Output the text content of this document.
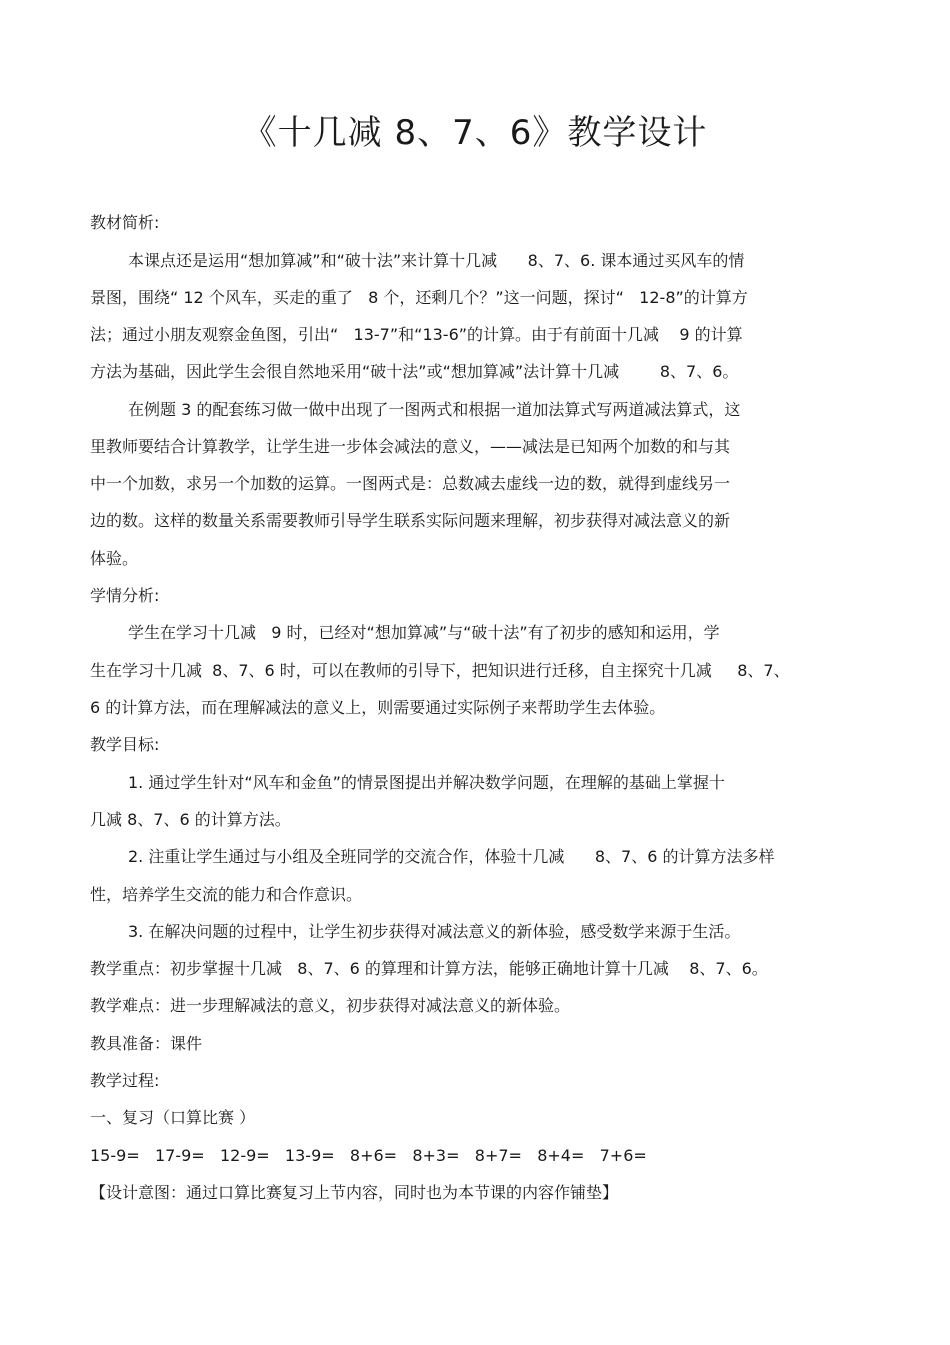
《十几减 8、7、6》教学设计
教材简析:
本课点还是运用“想加算减”和“破十法”来计算十几减      8、7、6. 课本通过买风车的情
景图，围绕“ 12 个风车，买走的重了   8 个，还剩几个？”这一问题，探讨“   12-8”的计算方
法；通过小朋友观察金鱼图，引出“   13-7”和“13-6”的计算。由于有前面十几减    9 的计算
方法为基础，因此学生会很自然地采用“破十法”或“想加算减”法计算十几减        8、7、6。
在例题 3 的配套练习做一做中出现了一图两式和根据一道加法算式写两道减法算式，这
里教师要结合计算教学，让学生进一步体会减法的意义，——减法是已知两个加数的和与其
中一个加数，求另一个加数的运算。一图两式是：总数减去虚线一边的数，就得到虚线另一
边的数。这样的数量关系需要教师引导学生联系实际问题来理解，初步获得对减法意义的新
体验。
学情分析:
学生在学习十几减   9 时，已经对“想加算减”与“破十法”有了初步的感知和运用，学
生在学习十几减  8、7、6 时，可以在教师的引导下，把知识进行迁移，自主探究十几减     8、7、
6 的计算方法，而在理解减法的意义上，则需要通过实际例子来帮助学生去体验。
教学目标:
1. 通过学生针对“风车和金鱼”的情景图提出并解决数学问题，在理解的基础上掌握十
几减 8、7、6 的计算方法。
2. 注重让学生通过与小组及全班同学的交流合作，体验十几减      8、7、6 的计算方法多样
性，培养学生交流的能力和合作意识。
3. 在解决问题的过程中，让学生初步获得对减法意义的新体验，感受数学来源于生活。
教学重点：初步掌握十几减   8、7、6 的算理和计算方法，能够正确地计算十几减    8、7、6。
教学难点：进一步理解减法的意义，初步获得对减法意义的新体验。
教具准备：课件
教学过程:
一、复习（口算比赛 ）
15-9=   17-9=   12-9=   13-9=   8+6=   8+3=   8+7=   8+4=   7+6=
【设计意图：通过口算比赛复习上节内容，同时也为本节课的内容作铺垫】
